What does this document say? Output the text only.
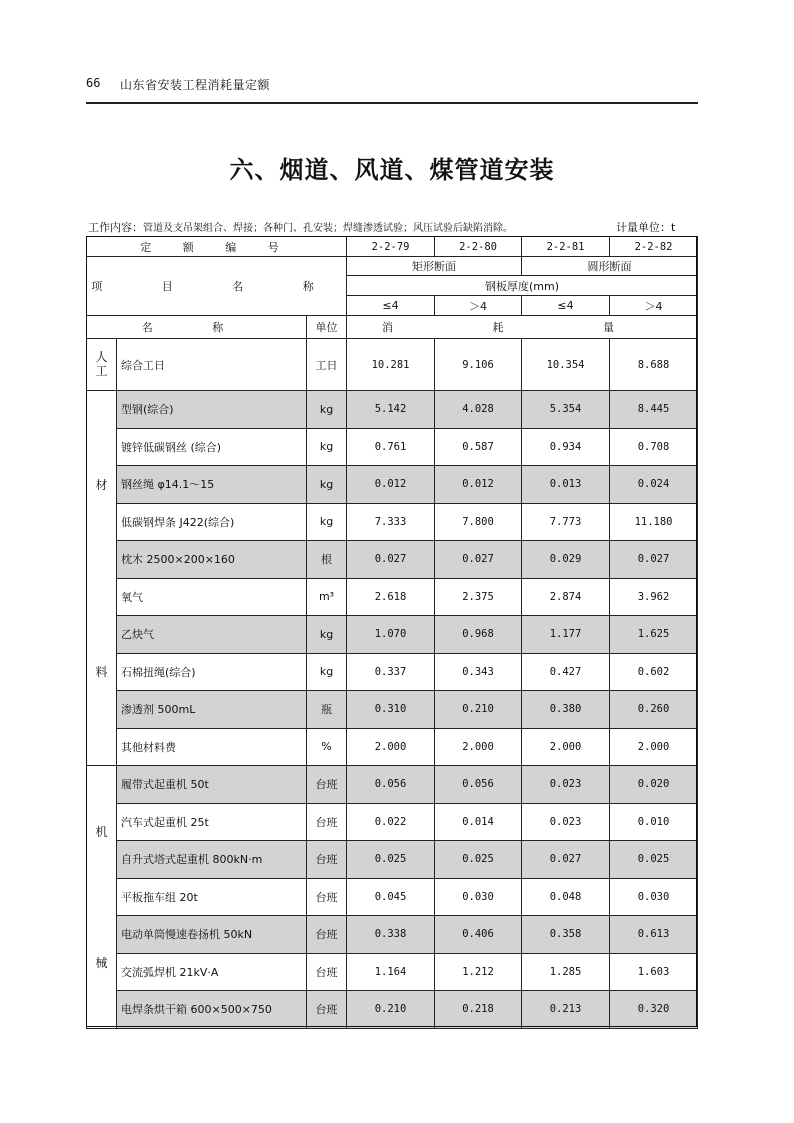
66 山东省安装工程消耗量定额
六、烟道、风道、煤管道安装
工作内容：管道及支吊架组合、焊接；各种门、孔安装；焊缝渗透试验；风压试验后缺陷消除。	计量单位：t
定 额 编 号			2-2-79	2-2-80	2-2-81	2-2-82
项 目 名 称			矩形断面		圆形断面	
			钢板厚度(mm)			
			≤4	＞4	≤4	＞4
名 称		单位	消 耗 量			

人
工	综合工日	工日	10.281	9.106	10.354	8.688

材
料	型钢(综合)	kg	5.142	4.028	5.354	8.445
	镀锌低碳钢丝 (综合)	kg	0.761	0.587	0.934	0.708
	钢丝绳 φ14.1～15	kg	0.012	0.012	0.013	0.024
	低碳钢焊条 J422(综合)	kg	7.333	7.800	7.773	11.180
	枕木 2500×200×160	根	0.027	0.027	0.029	0.027
	氧气	m³	2.618	2.375	2.874	3.962
	乙炔气	kg	1.070	0.968	1.177	1.625
	石棉扭绳(综合)	kg	0.337	0.343	0.427	0.602
	渗透剂 500mL	瓶	0.310	0.210	0.380	0.260
	其他材料费	%	2.000	2.000	2.000	2.000

机
械	履带式起重机 50t	台班	0.056	0.056	0.023	0.020
	汽车式起重机 25t	台班	0.022	0.014	0.023	0.010
	自升式塔式起重机 800kN·m	台班	0.025	0.025	0.027	0.025
	平板拖车组 20t	台班	0.045	0.030	0.048	0.030
	电动单筒慢速卷扬机 50kN	台班	0.338	0.406	0.358	0.613
	交流弧焊机 21kV·A	台班	1.164	1.212	1.285	1.603
	电焊条烘干箱 600×500×750	台班	0.210	0.218	0.213	0.320
